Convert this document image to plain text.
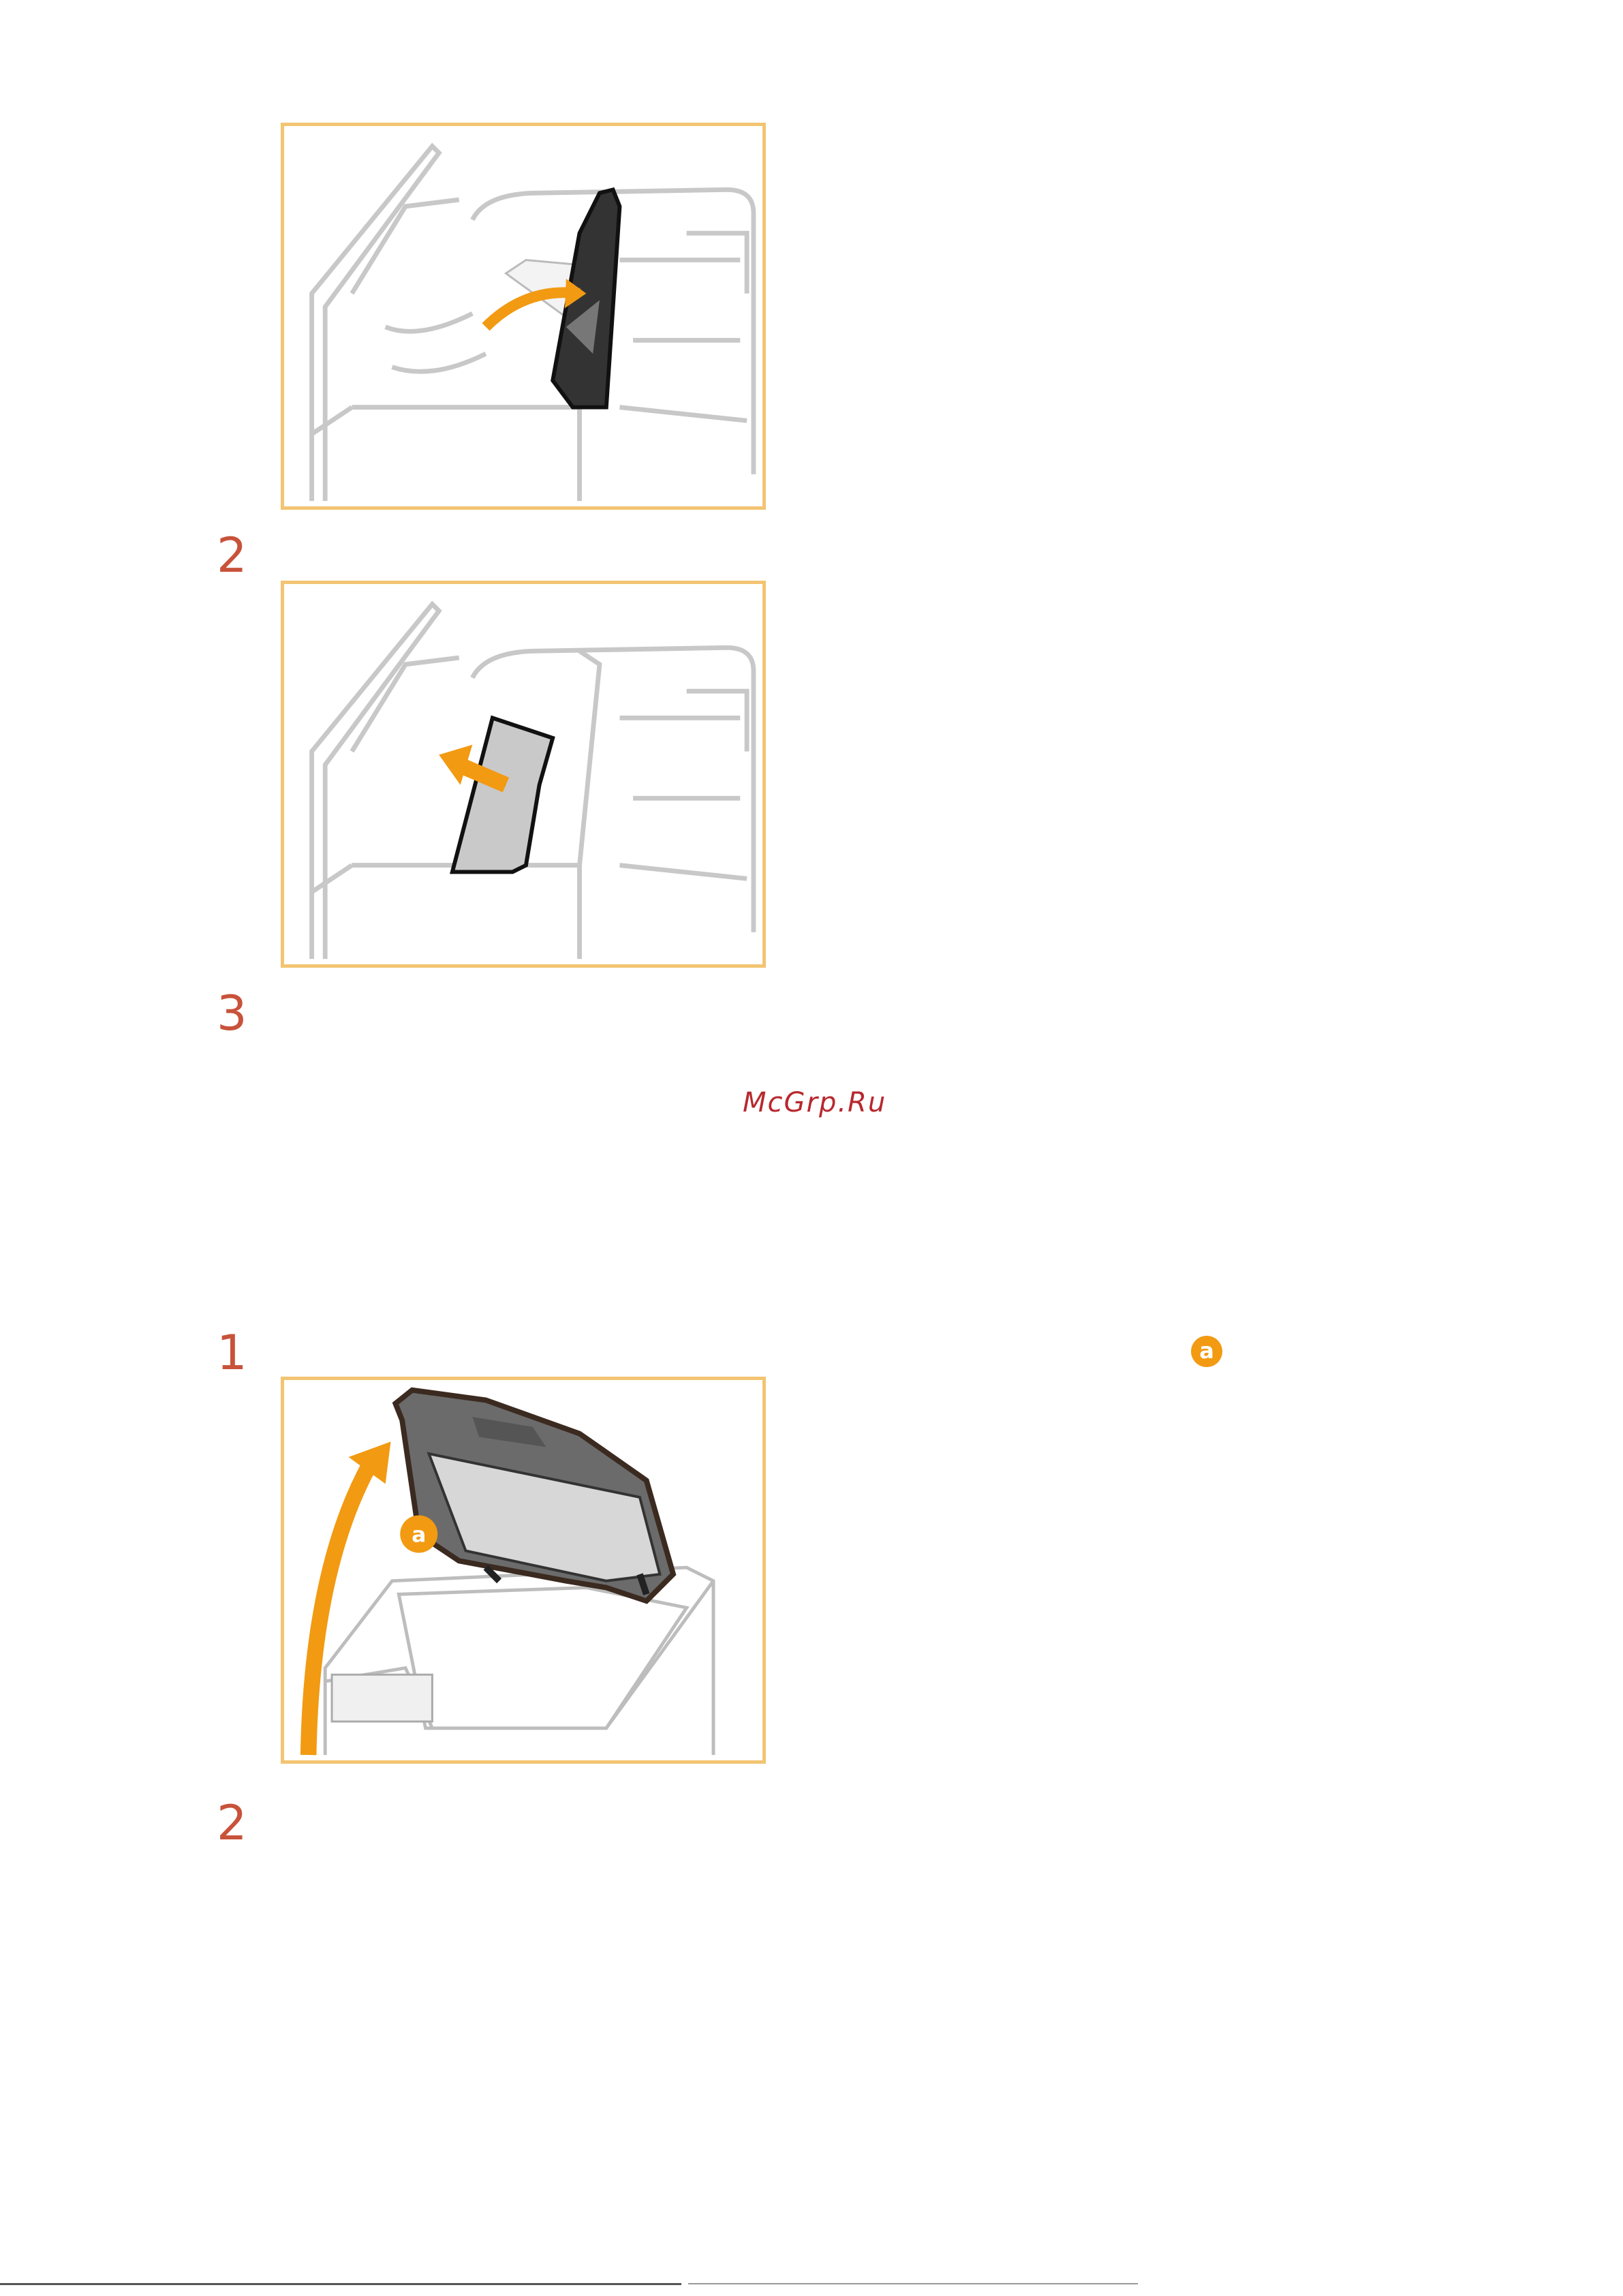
2
3
McGrp.Ru
1	a
a
2
